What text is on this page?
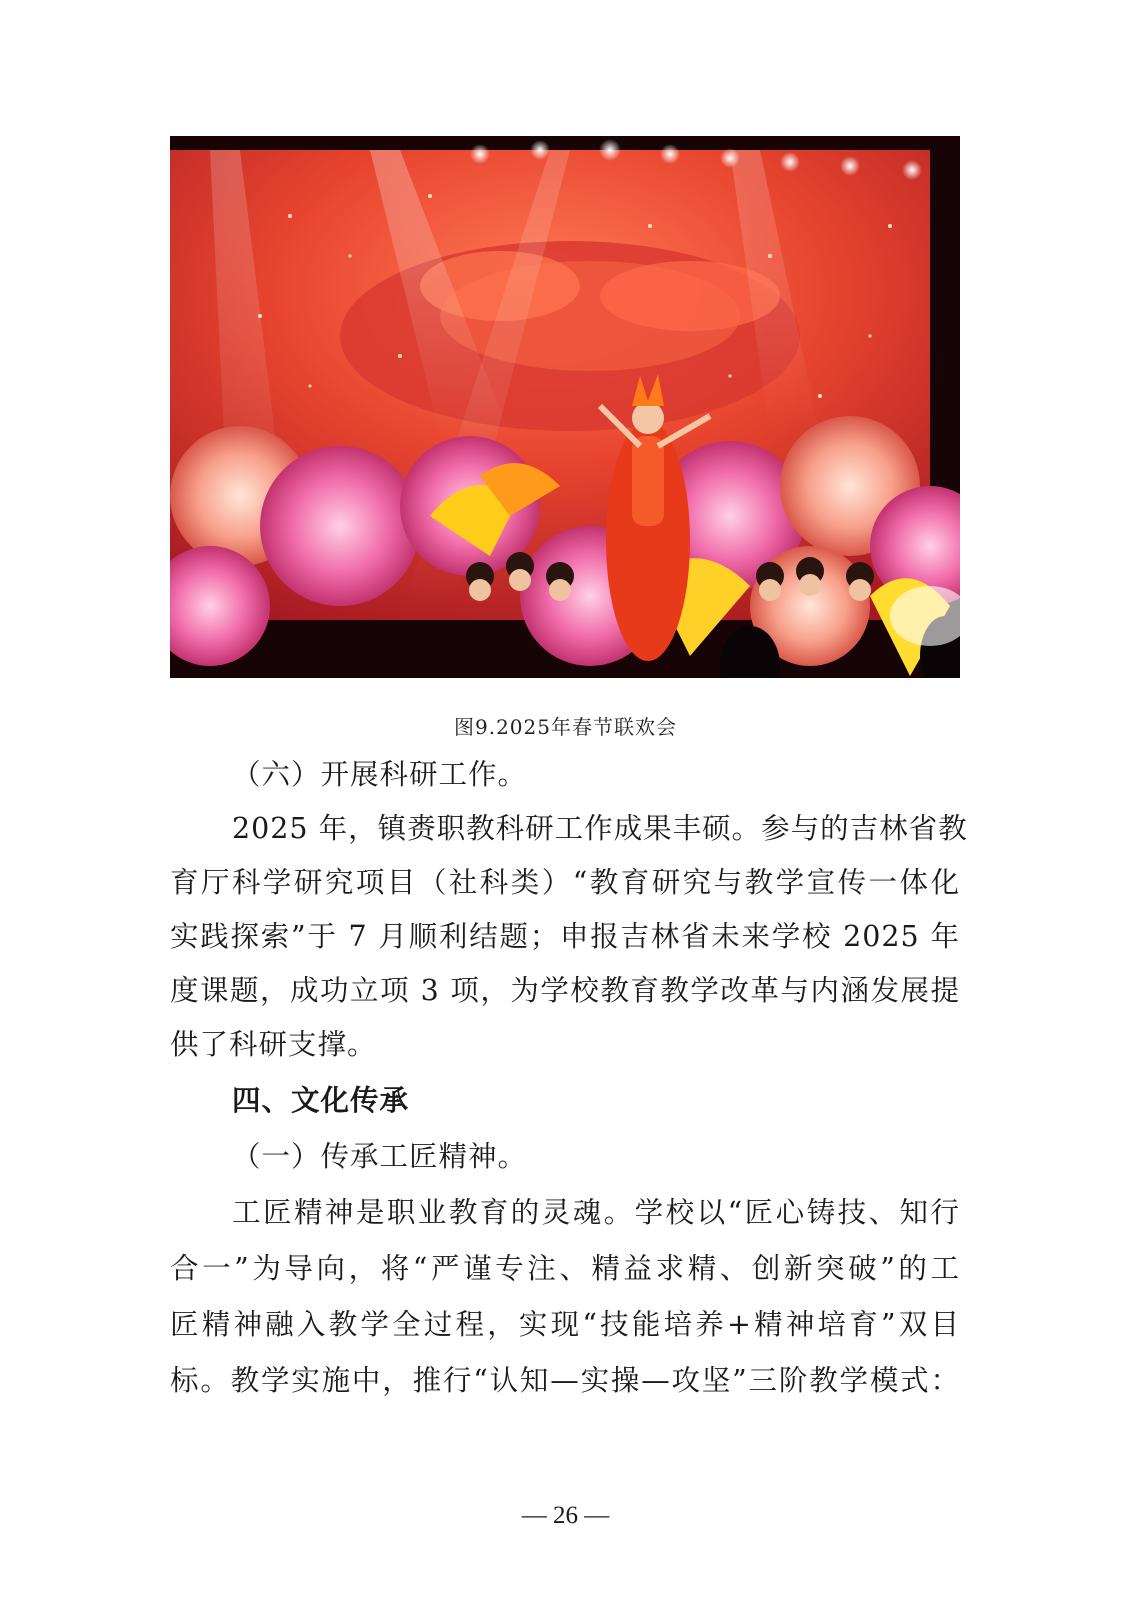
图9.2025年春节联欢会
（六）开展科研工作。
2025 年，镇赉职教科研工作成果丰硕。参与的吉林省教
育厅科学研究项目（社科类）“教育研究与教学宣传一体化
实践探索”于 7 月顺利结题；申报吉林省未来学校 2025 年
度课题，成功立项 3 项，为学校教育教学改革与内涵发展提
供了科研支撑。
四、文化传承
（一）传承工匠精神。
工匠精神是职业教育的灵魂。学校以“匠心铸技、知行
合一”为导向，将“严谨专注、精益求精、创新突破”的工
匠精神融入教学全过程，实现“技能培养+精神培育”双目
标。教学实施中，推行“认知—实操—攻坚”三阶教学模式：
— 26 —
